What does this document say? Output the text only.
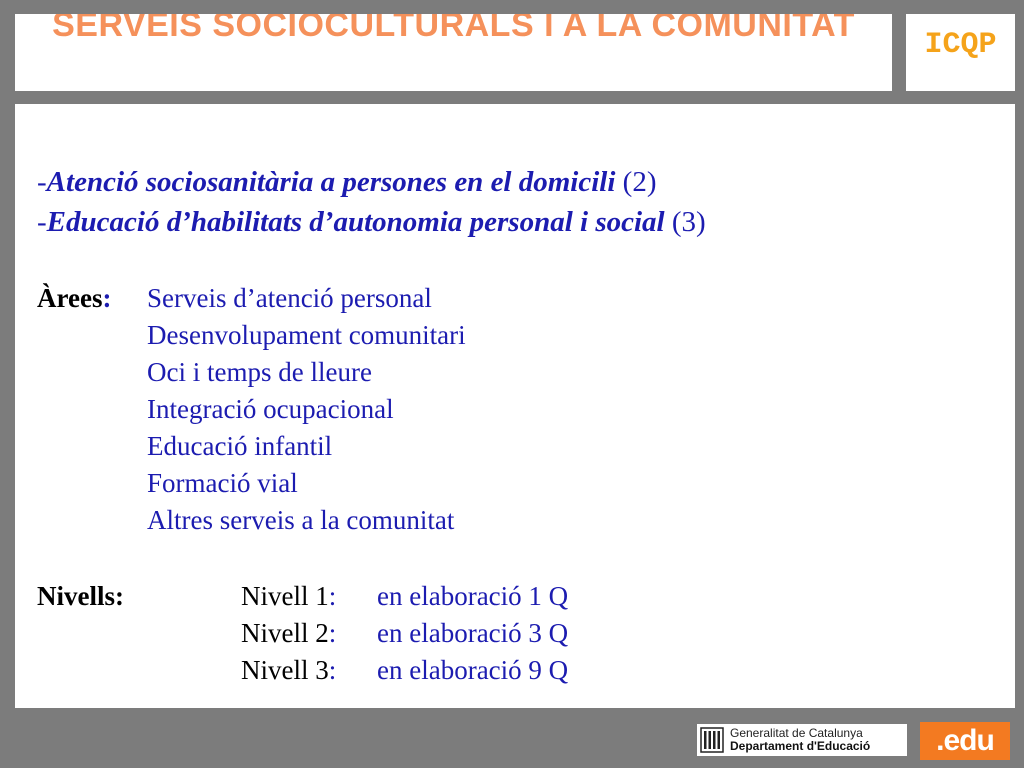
SERVEIS SOCIOCULTURALS I A LA COMUNITAT
ICQP
-Atenció sociosanitària a persones en el domicili (2)
-Educació d’habilitats d’autonomia personal i social (3)
Àrees: Serveis d’atenció personal
Desenvolupament comunitari
Oci i temps de lleure
Integració ocupacional
Educació infantil
Formació vial
Altres serveis a la comunitat
Nivells:	Nivell 1: en elaboració 1 Q
Nivell 2: en elaboració 3 Q
Nivell 3: en elaboració 9 Q
Generalitat de Catalunya
Departament d'Educació	.edu
